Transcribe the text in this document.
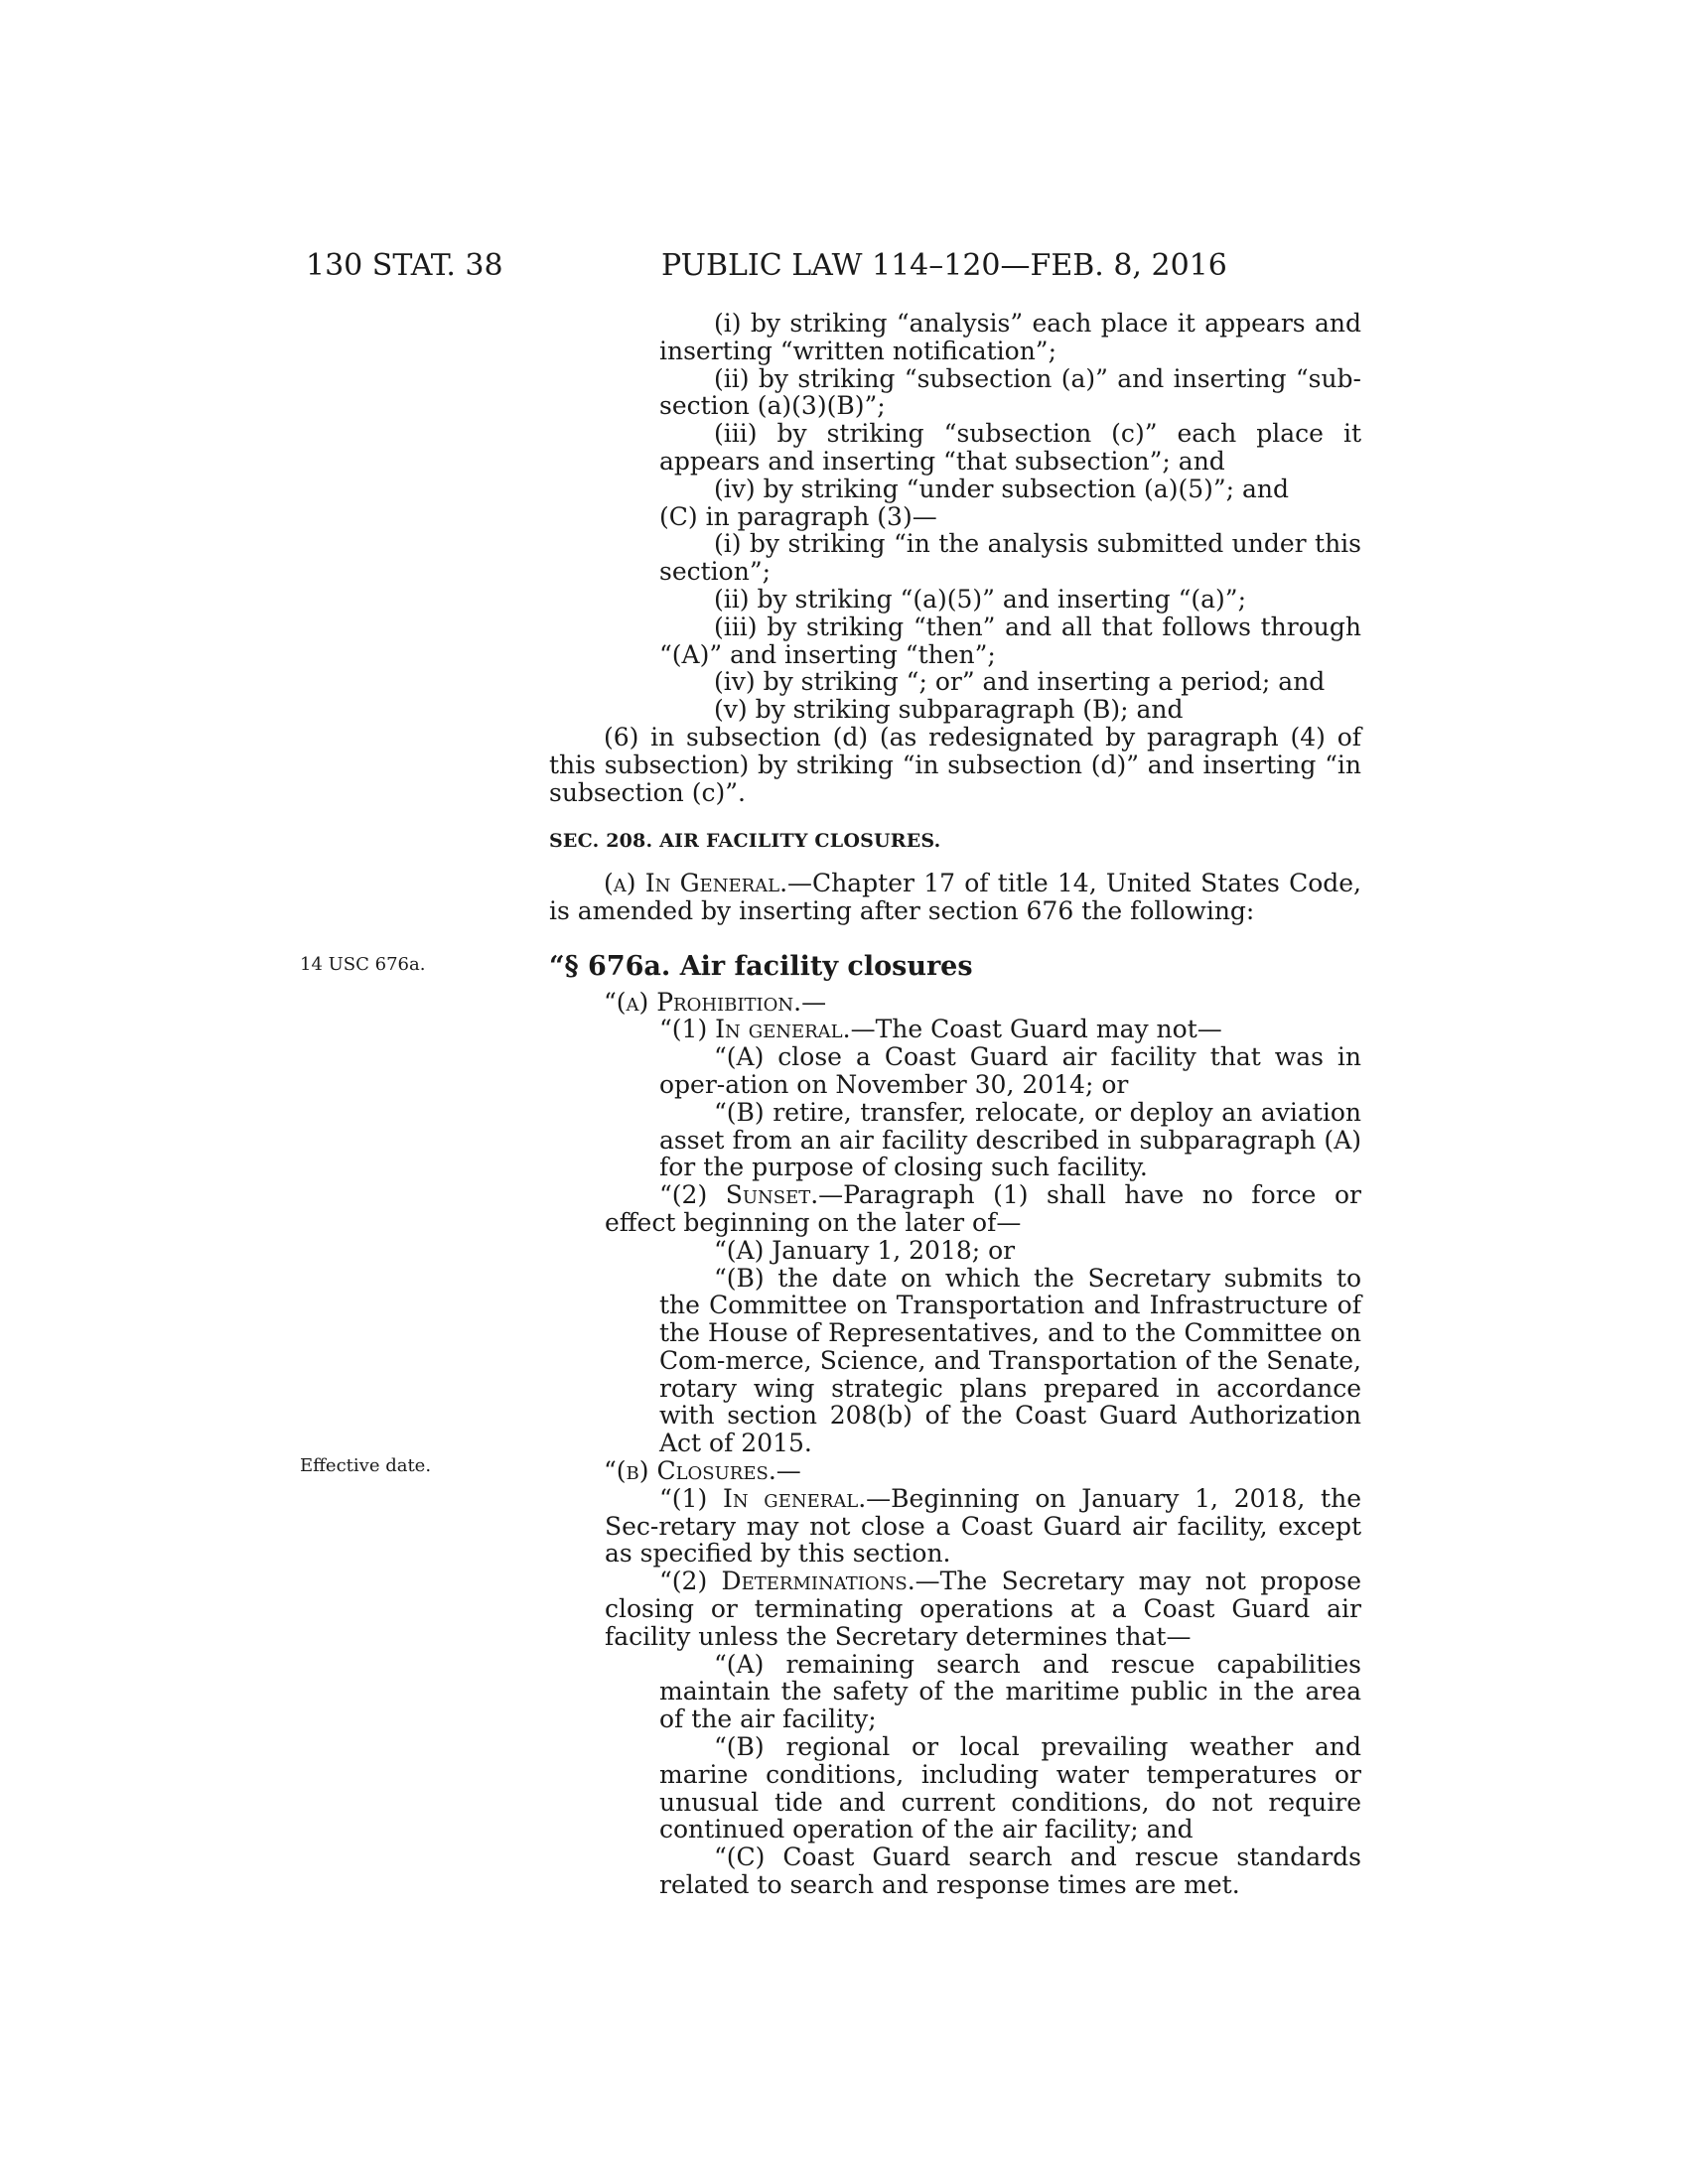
130 STAT. 38	PUBLIC LAW 114–120—FEB. 8, 2016
14 USC 676a.
Effective date.

(i) by striking “analysis” each place it appears and inserting “written notification”;

(ii) by striking “subsection (a)” and inserting “sub-section (a)(3)(B)”;

(iii) by striking “subsection (c)” each place it appears and inserting “that subsection”; and

(iv) by striking “under subsection (a)(5)”; and

(C) in paragraph (3)—

(i) by striking “in the analysis submitted under this section”;

(ii) by striking “(a)(5)” and inserting “(a)”;

(iii) by striking “then” and all that follows through “(A)” and inserting “then”;

(iv) by striking “; or” and inserting a period; and

(v) by striking subparagraph (B); and

(6) in subsection (d) (as redesignated by paragraph (4) of this subsection) by striking “in subsection (d)” and inserting “in subsection (c)”.

SEC. 208. AIR FACILITY CLOSURES.

(a) In General.—Chapter 17 of title 14, United States Code, is amended by inserting after section 676 the following:

“§ 676a. Air facility closures

“(a) Prohibition.—

“(1) In general.—The Coast Guard may not—

“(A) close a Coast Guard air facility that was in oper-ation on November 30, 2014; or

“(B) retire, transfer, relocate, or deploy an aviation asset from an air facility described in subparagraph (A) for the purpose of closing such facility.

“(2) Sunset.—Paragraph (1) shall have no force or effect beginning on the later of—

“(A) January 1, 2018; or

“(B) the date on which the Secretary submits to the Committee on Transportation and Infrastructure of the House of Representatives, and to the Committee on Com-merce, Science, and Transportation of the Senate, rotary wing strategic plans prepared in accordance with section 208(b) of the Coast Guard Authorization Act of 2015.

“(b) Closures.—

“(1) In general.—Beginning on January 1, 2018, the Sec-retary may not close a Coast Guard air facility, except as specified by this section.

“(2) Determinations.—The Secretary may not propose closing or terminating operations at a Coast Guard air facility unless the Secretary determines that—

“(A) remaining search and rescue capabilities maintain the safety of the maritime public in the area of the air facility;

“(B) regional or local prevailing weather and marine conditions, including water temperatures or unusual tide and current conditions, do not require continued operation of the air facility; and

“(C) Coast Guard search and rescue standards related to search and response times are met.
